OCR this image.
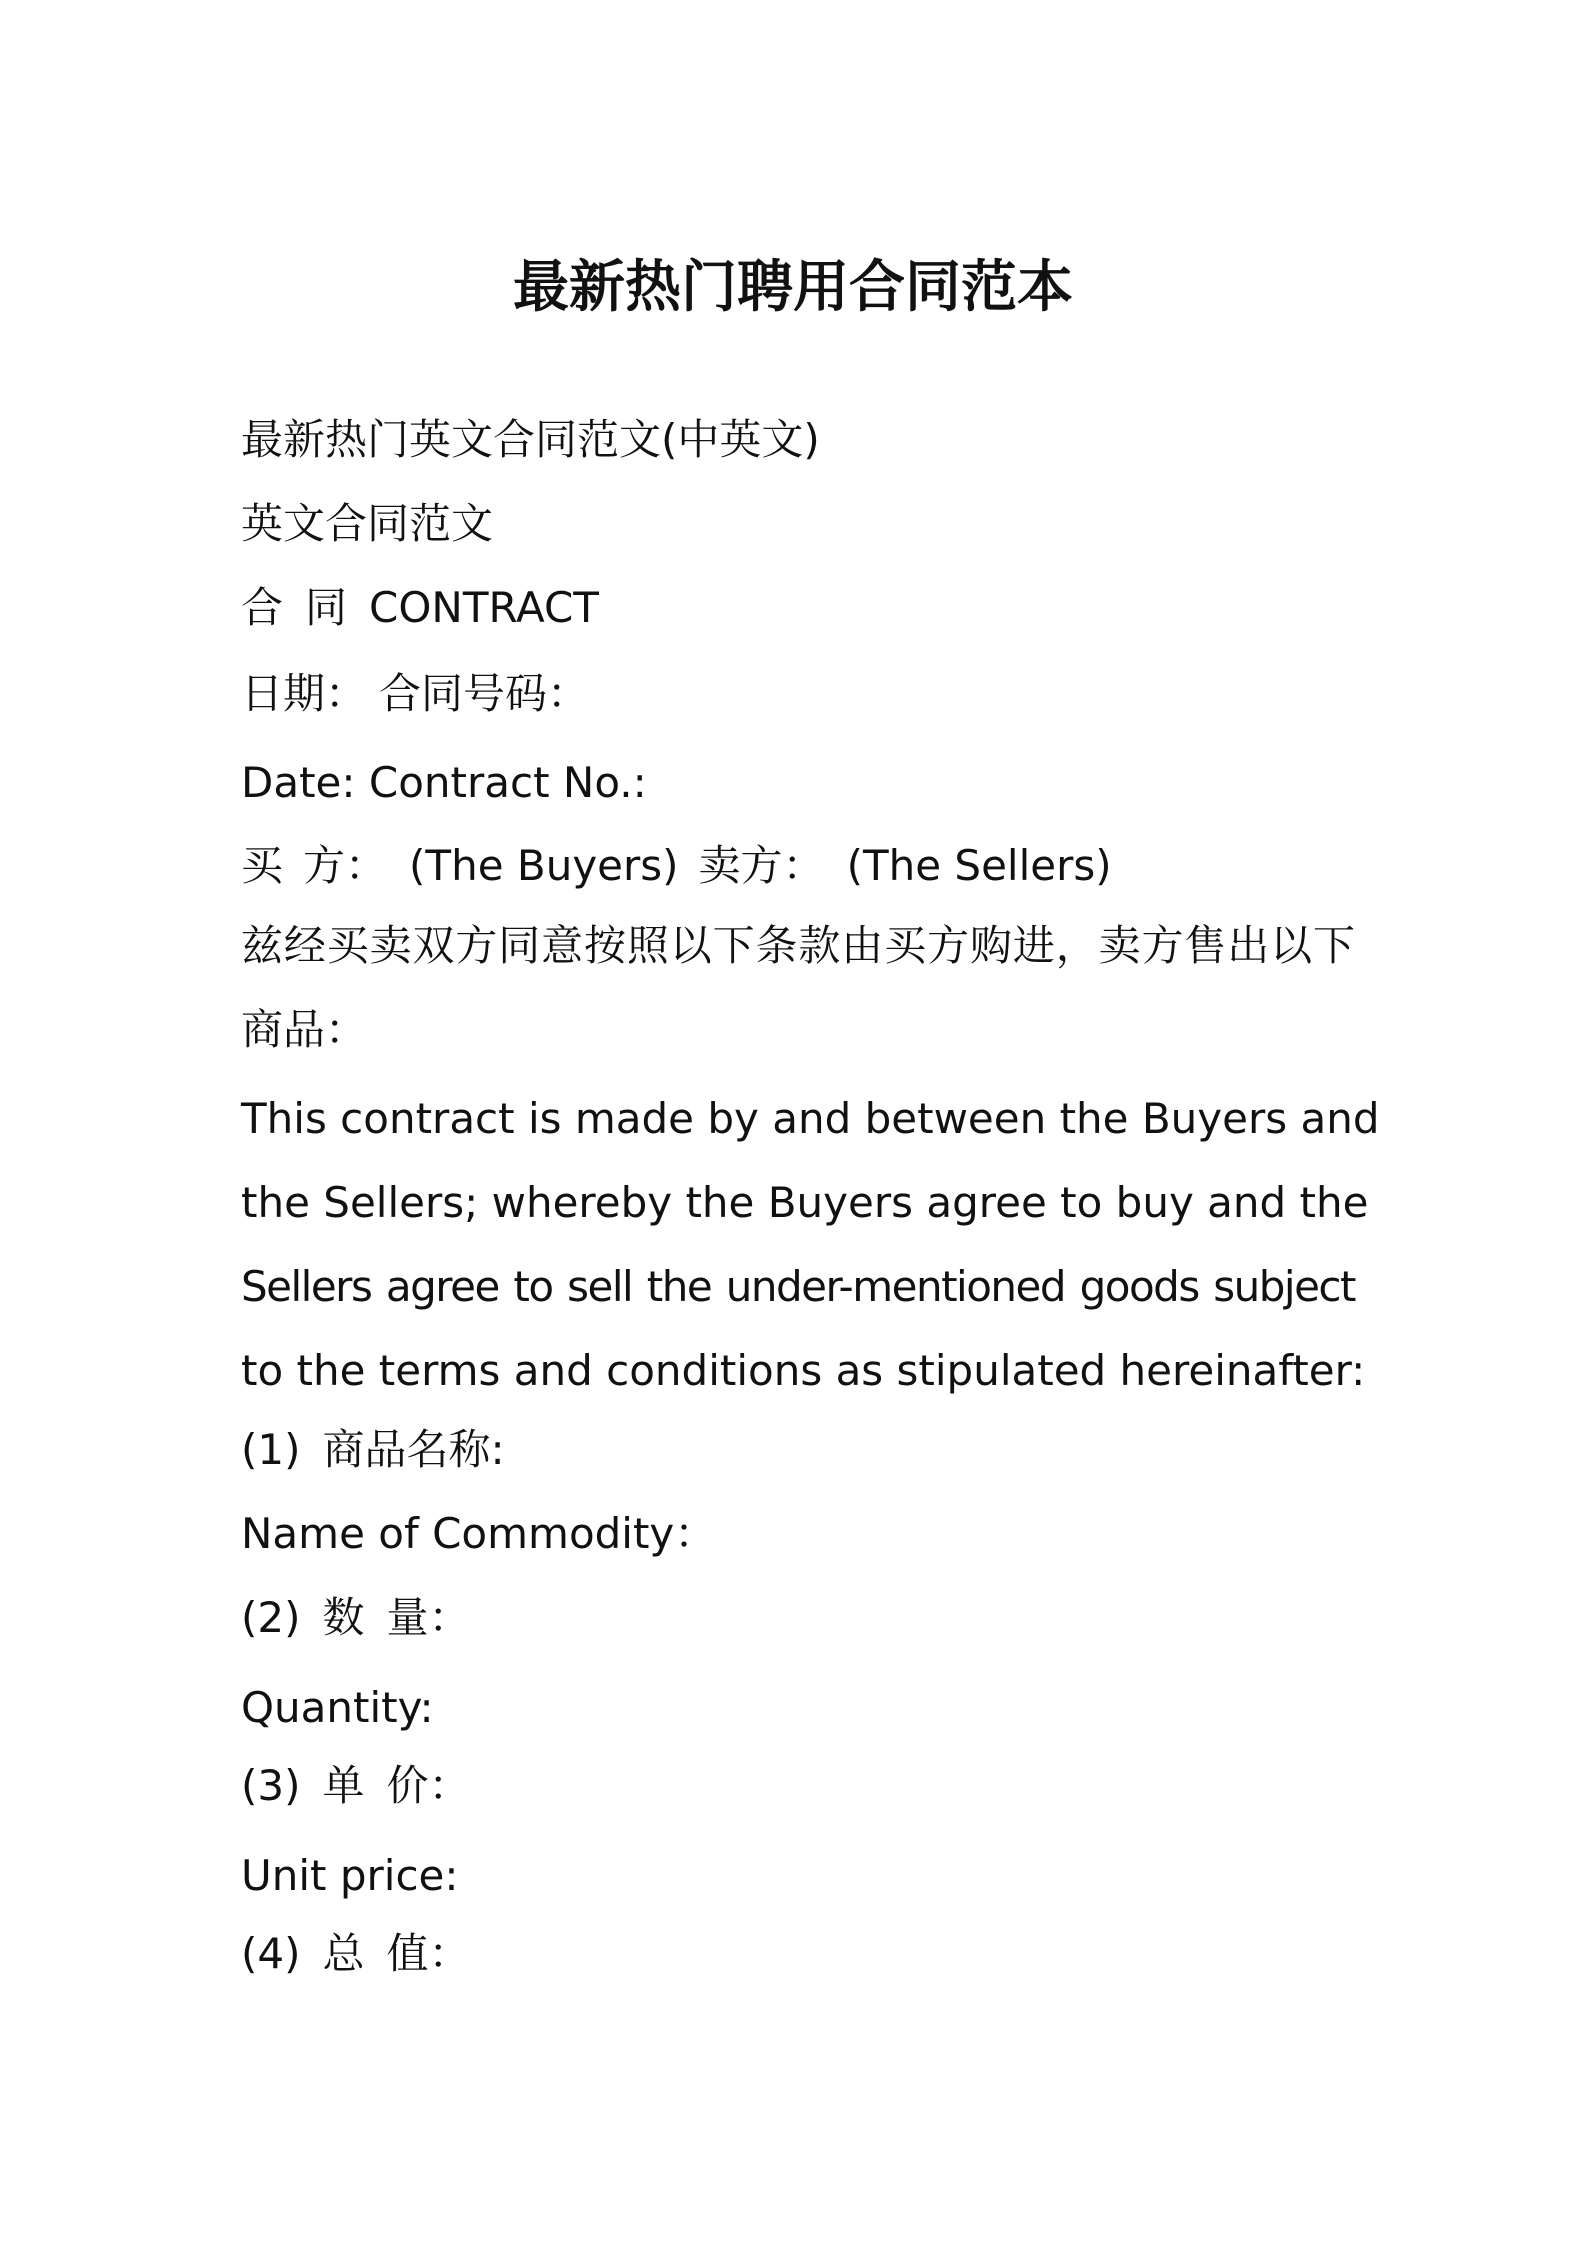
最新热门聘用合同范本

最新热门英文合同范文(中英文)

英文合同范文

合 同 CONTRACT

日期： 合同号码：

Date: Contract No.:

买 方： (The Buyers) 卖方： (The Sellers)

兹经买卖双方同意按照以下条款由买方购进，卖方售出以下

商品：

This contract is made by and between the Buyers and

the Sellers; whereby the Buyers agree to buy and the

Sellers agree to sell the under-mentioned goods subject

to the terms and conditions as stipulated hereinafter:

(1) 商品名称:

Name of Commodity：

(2) 数 量：

Quantity:

(3) 单 价：

Unit price:

(4) 总 值：
